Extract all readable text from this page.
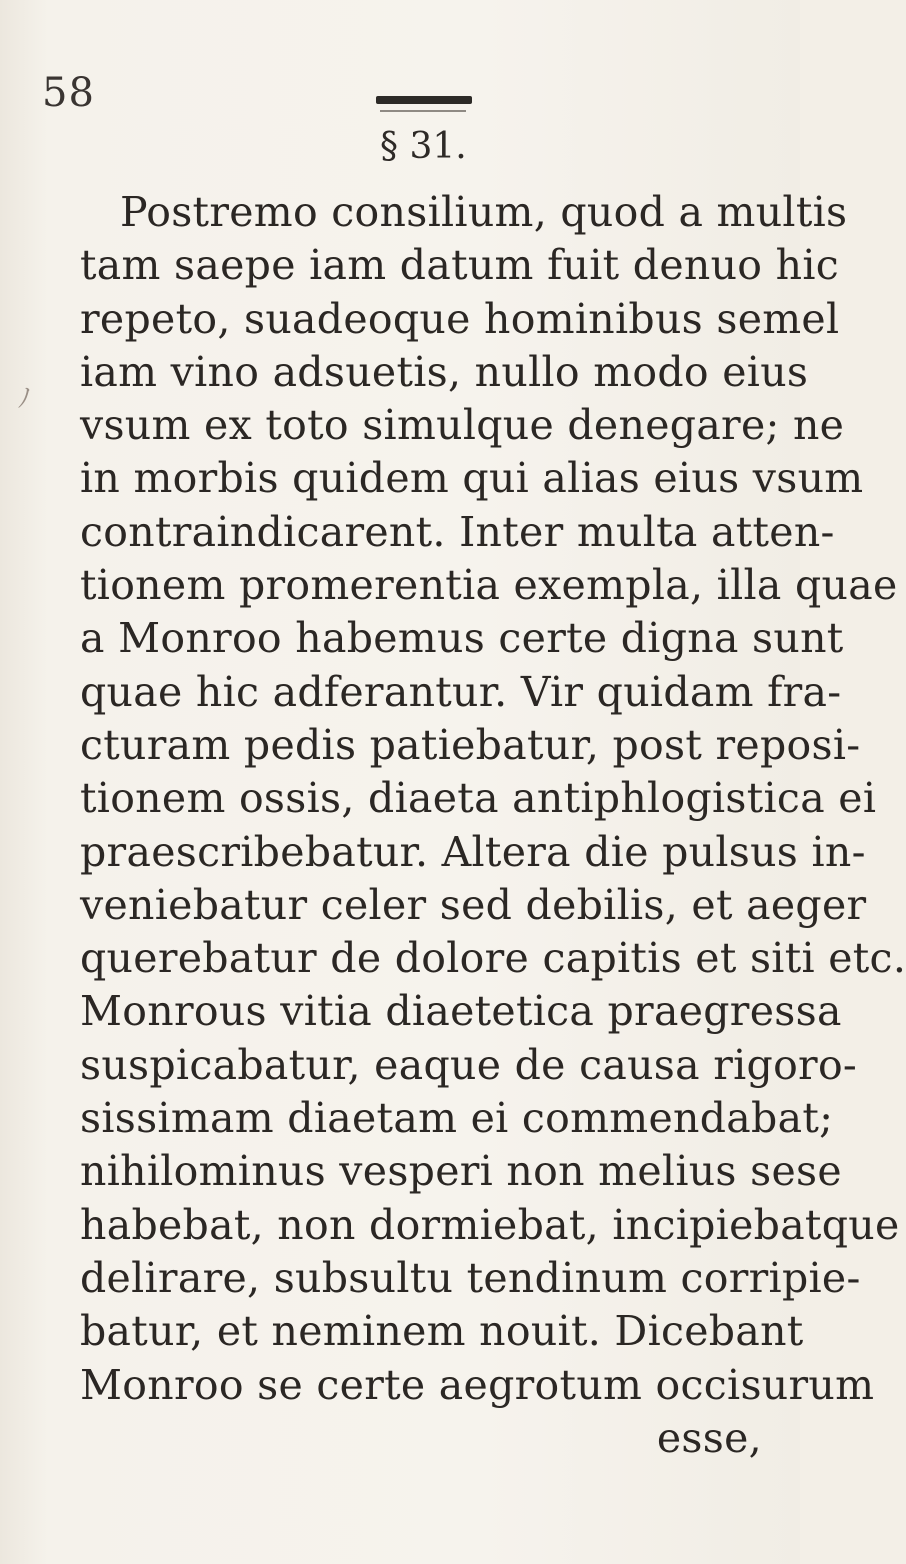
58
§ 31.
ﾉ
Postremo consilium, quod a multis
tam saepe iam datum fuit denuo hic
repeto, suadeoque hominibus semel
iam vino adsuetis, nullo modo eius
vsum ex toto simulque denegare; ne
in morbis quidem qui alias eius vsum
contraindicarent. Inter multa atten-
tionem promerentia exempla, illa quae
a Monroo habemus certe digna sunt
quae hic adferantur. Vir quidam fra-
cturam pedis patiebatur, post reposi-
tionem ossis, diaeta antiphlogistica ei
praescribebatur. Altera die pulsus in-
veniebatur celer sed debilis, et aeger
querebatur de dolore capitis et siti etc.
Monrous vitia diaetetica praegressa
suspicabatur, eaque de causa rigoro-
sissimam diaetam ei commendabat;
nihilominus vesperi non melius sese
habebat, non dormiebat, incipiebatque
delirare, subsultu tendinum corripie-
batur, et neminem nouit. Dicebant
Monroo se certe aegrotum occisurum
esse,
